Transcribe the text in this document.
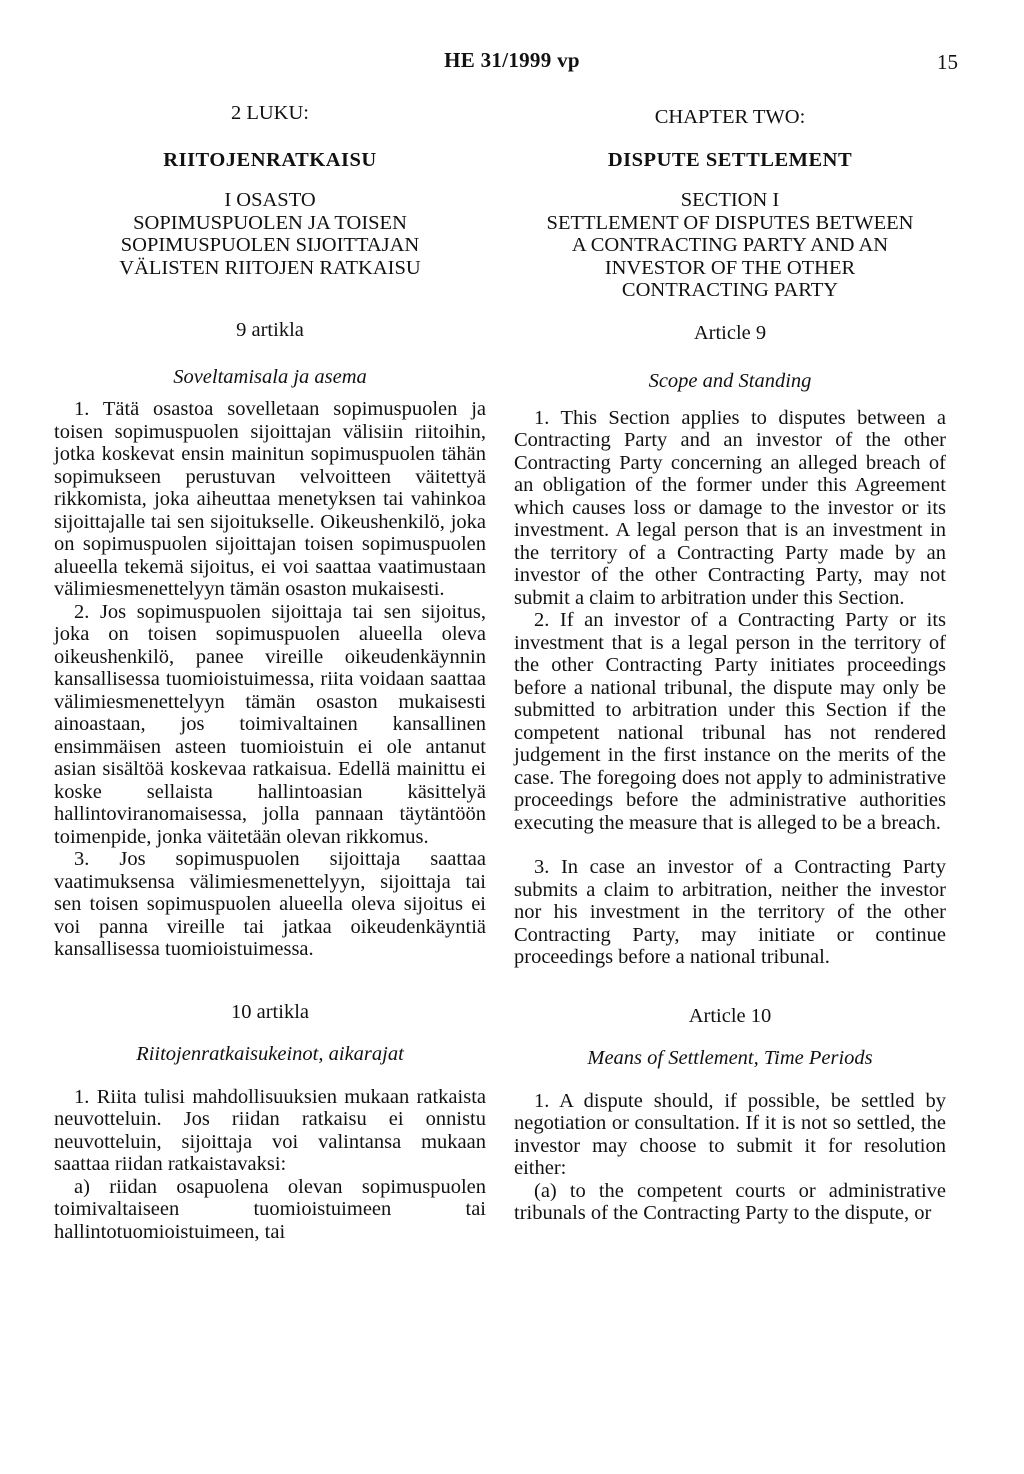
HE 31/1999 vp	15
2 LUKU:
RIITOJENRATKAISU
I OSASTO
SOPIMUSPUOLEN JA TOISEN
SOPIMUSPUOLEN SIJOITTAJAN
VÄLISTEN RIITOJEN RATKAISU
9 artikla
Soveltamisala ja asema

1. Tätä osastoa sovelletaan sopimuspuolen ja toisen sopimuspuolen sijoittajan välisiin riitoihin, jotka koskevat ensin mainitun sopimuspuolen tähän sopimukseen perustuvan velvoitteen väitettyä rikkomista, joka aiheuttaa menetyksen tai vahinkoa sijoittajalle tai sen sijoitukselle. Oikeushenkilö, joka on sopimuspuolen sijoittajan toisen sopimuspuolen alueella tekemä sijoitus, ei voi saattaa vaatimustaan välimiesmenettelyyn tämän osaston mukaisesti.

2. Jos sopimuspuolen sijoittaja tai sen sijoitus, joka on toisen sopimuspuolen alueella oleva oikeushenkilö, panee vireille oikeudenkäynnin kansallisessa tuomioistuimessa, riita voidaan saattaa välimiesmenettelyyn tämän osaston mukaisesti ainoastaan, jos toimivaltainen kansallinen ensimmäisen asteen tuomioistuin ei ole antanut asian sisältöä koskevaa ratkaisua. Edellä mainittu ei koske sellaista hallintoasian käsittelyä hallintoviranomaisessa, jolla pannaan täytäntöön toimenpide, jonka väitetään olevan rikkomus.

3. Jos sopimuspuolen sijoittaja saattaa vaatimuksensa välimiesmenettelyyn, sijoittaja tai sen toisen sopimuspuolen alueella oleva sijoitus ei voi panna vireille tai jatkaa oikeudenkäyntiä kansallisessa tuomioistuimessa.

10 artikla
Riitojenratkaisukeinot, aikarajat

1. Riita tulisi mahdollisuuksien mukaan ratkaista neuvotteluin. Jos riidan ratkaisu ei onnistu neuvotteluin, sijoittaja voi valintansa mukaan saattaa riidan ratkaistavaksi:

a) riidan osapuolena olevan sopimuspuolen toimivaltaiseen tuomioistuimeen tai hallintotuomioistuimeen, tai

CHAPTER TWO:
DISPUTE SETTLEMENT
SECTION I
SETTLEMENT OF DISPUTES BETWEEN
A CONTRACTING PARTY AND AN
INVESTOR OF THE OTHER
CONTRACTING PARTY
Article 9
Scope and Standing

1. This Section applies to disputes between a Contracting Party and an investor of the other Contracting Party concerning an alleged breach of an obligation of the former under this Agreement which causes loss or damage to the investor or its investment. A legal person that is an investment in the territory of a Contracting Party made by an investor of the other Contracting Party, may not submit a claim to arbitration under this Section.

2. If an investor of a Contracting Party or its investment that is a legal person in the territory of the other Contracting Party initiates proceedings before a national tribunal, the dispute may only be submitted to arbitration under this Section if the competent national tribunal has not rendered judgement in the first instance on the merits of the case. The foregoing does not apply to administrative proceedings before the administrative authorities executing the measure that is alleged to be a breach.

3. In case an investor of a Contracting Party submits a claim to arbitration, neither the investor nor his investment in the territory of the other Contracting Party, may initiate or continue proceedings before a national tribunal.

Article 10
Means of Settlement, Time Periods

1. A dispute should, if possible, be settled by negotiation or consultation. If it is not so settled, the investor may choose to submit it for resolution either:

(a) to the competent courts or administrative tribunals of the Contracting Party to the dispute, or
